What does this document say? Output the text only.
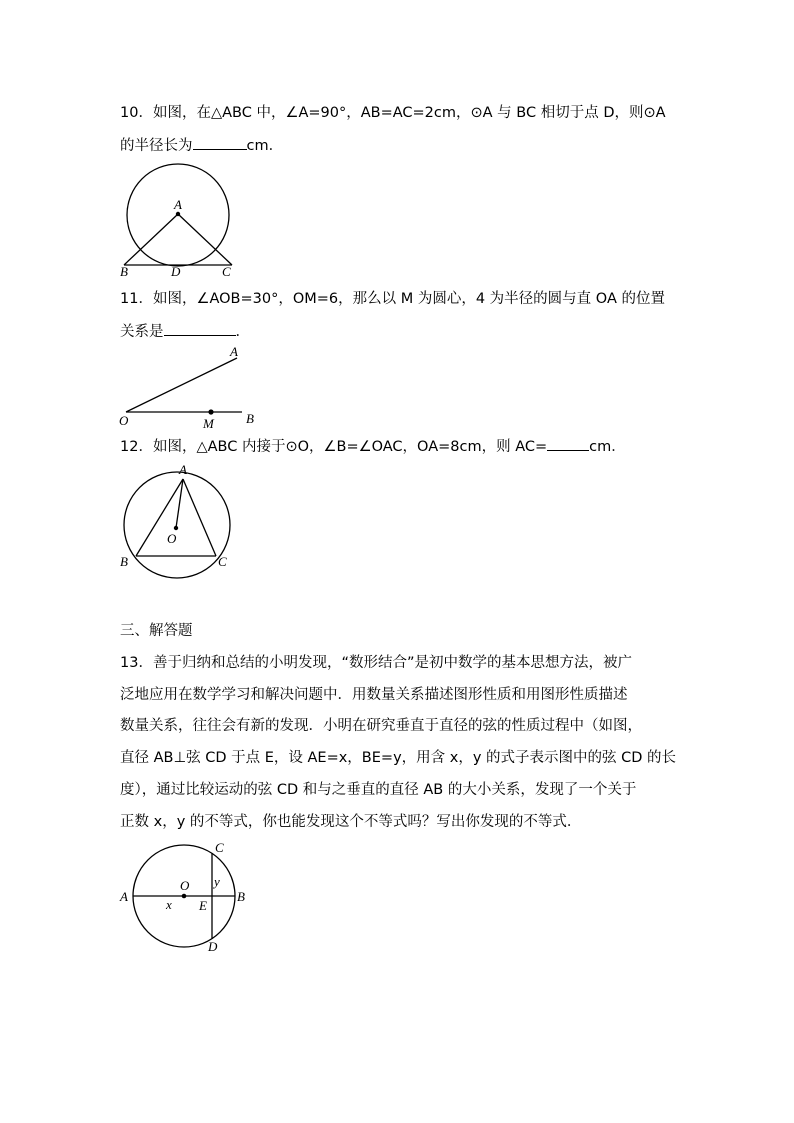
10．如图，在△ABC 中，∠A=90°，AB=AC=2cm，⊙A 与 BC 相切于点 D，则⊙A

的半径长为	cm．

A
B	D	C

11．如图，∠AOB=30°，OM=6，那么以 M 为圆心，4 为半径的圆与直 OA 的位置

关系是	．

A
O	M B

12．如图，△ABC 内接于⊙O，∠B=∠OAC，OA=8cm，则 AC=	cm．

A
O
B	C

三、解答题

13．善于归纳和总结的小明发现，“数形结合”是初中数学的基本思想方法，被广

泛地应用在数学学习和解决问题中．用数量关系描述图形性质和用图形性质描述

数量关系，往往会有新的发现．小明在研究垂直于直径的弦的性质过程中（如图，

直径 AB⊥弦 CD 于点 E，设 AE=x，BE=y，用含 x，y 的式子表示图中的弦 CD 的长

度），通过比较运动的弦 CD 和与之垂直的直径 AB 的大小关系，发现了一个关于

正数 x，y 的不等式，你也能发现这个不等式吗？写出你发现的不等式．

A
O
x E
y
C
B
D
